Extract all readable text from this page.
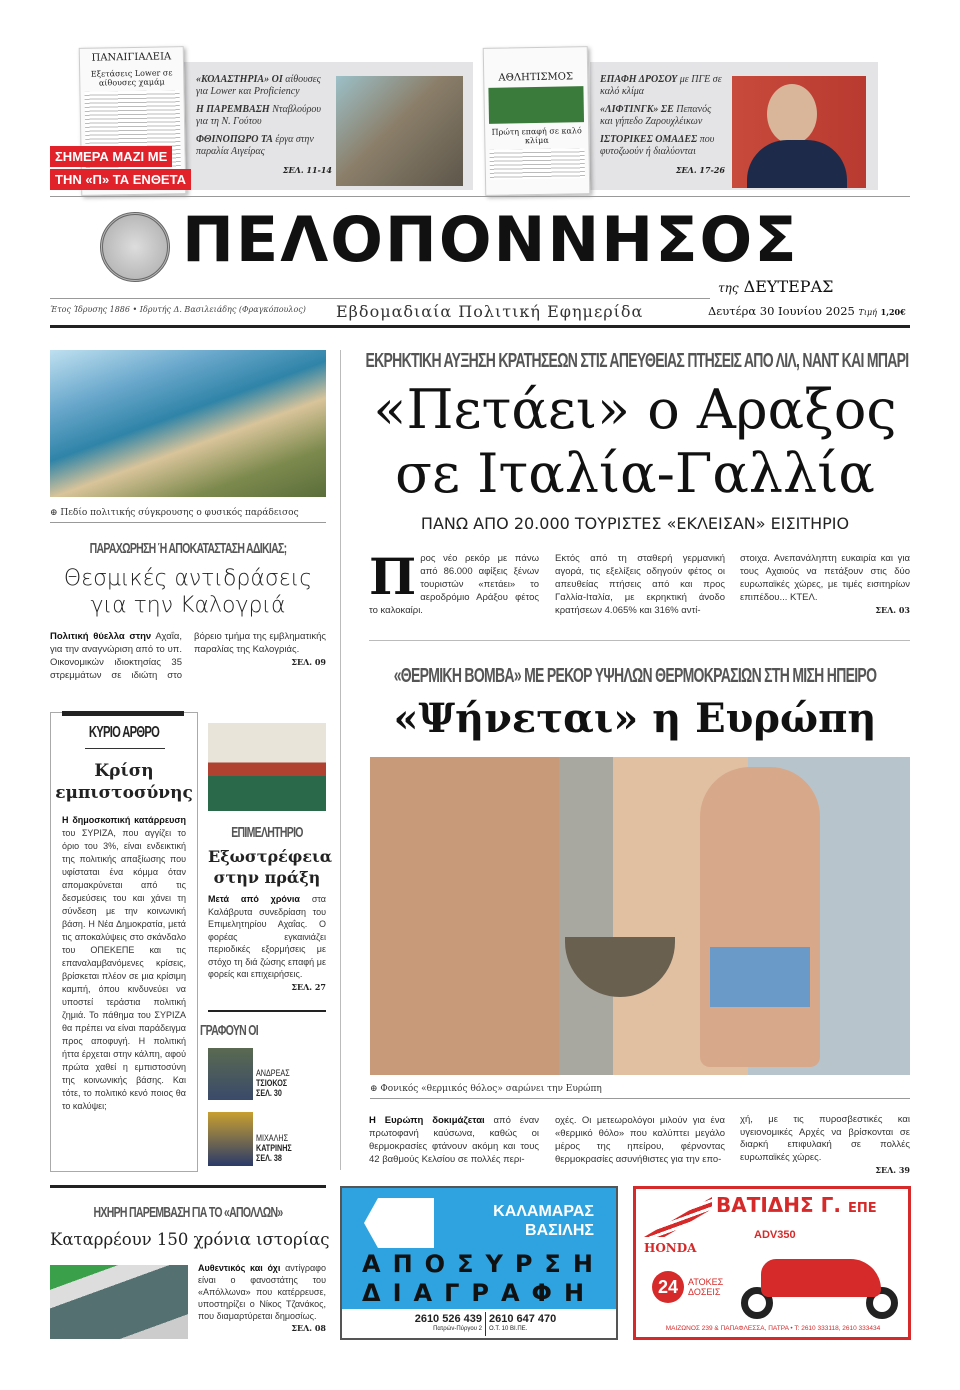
ΠΑΝΑΙΓΙΑΛΕΙΑ
Εξετάσεις Lower σε αίθουσες χαμάμ
ΣΗΜΕΡΑ ΜΑΖΙ ΜΕ
ΤΗΝ «Π» ΤΑ ΕΝΘΕΤΑ

«ΚΟΛΑΣΤΗΡΙΑ» ΟΙ αίθουσες για Lower και Proficiency

Η ΠΑΡΕΜΒΑΣΗ Νταβλούρου για τη Ν. Γούτου

ΦΘΙΝΟΠΩΡΟ ΤΑ έργα στην παραλία Αιγείρας

ΣΕΛ. 11-14
ΑΘΛΗΤΙΣΜΟΣ
Πρώτη επαφή σε καλό κλίμα

ΕΠΑΦΗ ΔΡΟΣΟΥ με ΠΓΕ σε καλό κλίμα

«ΛΙΦΤΙΝΓΚ» ΣΕ Πεπανός και γήπεδο Ζαρουχλέικων

ΙΣΤΟΡΙΚΕΣ ΟΜΑΔΕΣ που φυτοζωούν ή διαλύονται

ΣΕΛ. 17-26
ΠΕΛΟΠΟΝΝΗΣΟΣ
της ΔΕΥΤΕΡΑΣ
Έτος Ίδρυσης 1886 • Ιδρυτής Δ. Βασιλειάδης (Φραγκόπουλος) Εβδομαδιαία Πολιτική Εφημερίδα	Δευτέρα 30 Ιουνίου 2025 Τιμή 1,20€
⊕ Πεδίο πολιτικής σύγκρουσης ο φυσικός παράδεισος
ΠΑΡΑΧΩΡΗΣΗ Ή ΑΠΟΚΑΤΑΣΤΑΣΗ ΑΔΙΚΙΑΣ;
Θεσμικές αντιδράσεις για την Καλογριά
Πολιτική θύελλα στην Αχαΐα, για την αναγνώριση από το υπ. Οικονομικών ιδιοκτησίας 35 στρεμμάτων σε ιδιώτη στο βόρειο τμήμα της εμβληματικής παραλίας της Καλογριάς.
ΣΕΛ. 09
ΚΥΡΙΟ ΑΡΘΡΟ
Κρίση εμπιστοσύνης
Η δημοσκοπική κατάρρευση του ΣΥΡΙΖΑ, που αγγίζει το όριο του 3%, είναι ενδεικτική της πολιτικής απαξίωσης που υφίσταται ένα κόμμα όταν απομακρύνεται από τις δεσμεύσεις του και χάνει τη σύνδεση με την κοινωνική βάση. Η Νέα Δημοκρατία, μετά τις αποκαλύψεις στο σκάνδαλο του ΟΠΕΚΕΠΕ και τις επαναλαμβανόμενες κρίσεις, βρίσκεται πλέον σε μια κρίσιμη καμπή, όπου κινδυνεύει να υποστεί τεράστια πολιτική ζημιά. Το πάθημα του ΣΥΡΙΖΑ θα πρέπει να είναι παράδειγμα προς αποφυγή. Η πολιτική ήττα έρχεται στην κάλπη, αφού πρώτα χαθεί η εμπιστοσύνη της κοινωνικής βάσης. Και τότε, το πολιτικό κενό ποιος θα το καλύψει;
ΕΠΙΜΕΛΗΤΗΡΙΟ
Εξωστρέφεια στην πράξη
Μετά από χρόνια στα Καλάβρυτα συνεδρίαση του Επιμελητηρίου Αχαΐας. Ο φορέας εγκαινιάζει περιοδικές εξορμήσεις με στόχο τη διά ζώσης επαφή με φορείς και επιχειρήσεις.
ΣΕΛ. 27
ΓΡΑΦΟΥΝ ΟΙ
ΑΝΔΡΕΑΣ
ΤΣΙΟΚΟΣ
ΣΕΛ. 30
ΜΙΧΑΛΗΣ
ΚΑΤΡΙΝΗΣ
ΣΕΛ. 38
ΗΧΗΡΗ ΠΑΡΕΜΒΑΣΗ ΓΙΑ ΤΟ «ΑΠΟΛΛΩΝ»
Καταρρέουν 150 χρόνια ιστορίας
Αυθεντικός και όχι αντίγραφο είναι ο φανοστάτης του «Απόλλωνα» που κατέρρευσε, υποστηρίζει ο Νίκος Τζανάκος, που διαμαρτύρεται δημοσίως.
ΣΕΛ. 08
ΕΚΡΗΚΤΙΚΗ ΑΥΞΗΣΗ ΚΡΑΤΗΣΕΩΝ ΣΤΙΣ ΑΠΕΥΘΕΙΑΣ ΠΤΗΣΕΙΣ ΑΠΟ ΛΙΛ, ΝΑΝΤ ΚΑΙ ΜΠΑΡΙ
«Πετάει» ο Αραξος
σε Ιταλία-Γαλλία
ΠΑΝΩ ΑΠΟ 20.000 ΤΟΥΡΙΣΤΕΣ «ΕΚΛΕΙΣΑΝ» ΕΙΣΙΤΗΡΙΟ
Προς νέο ρεκόρ με πάνω από 86.000 αφίξεις ξένων τουριστών «πετάει» το αεροδρόμιο Αράξου φέτος το καλοκαίρι.
Εκτός από τη σταθερή γερμανική αγορά, τις εξελίξεις οδηγούν φέτος οι απευθείας πτήσεις από και προς Γαλλία-Ιταλία, με εκρηκτική άνοδο κρατήσεων 4.065% και 316% αντί-
στοιχα. Ανεπανάληπτη ευκαιρία και για τους Αχαιούς να πετάξουν στις δύο ευρωπαϊκές χώρες, με τιμές εισιτηρίων επιπέδου... ΚΤΕΛ.
ΣΕΛ. 03
«ΘΕΡΜΙΚΗ ΒΟΜΒΑ» ΜΕ ΡΕΚΟΡ ΥΨΗΛΩΝ ΘΕΡΜΟΚΡΑΣΙΩΝ ΣΤΗ ΜΙΣΗ ΗΠΕΙΡΟ
«Ψήνεται» η Ευρώπη
⊕ Φονικός «θερμικός θόλος» σαρώνει την Ευρώπη
Η Ευρώπη δοκιμάζεται από έναν πρωτοφανή καύσωνα, καθώς οι θερμοκρασίες φτάνουν ακόμη και τους 42 βαθμούς Κελσίου σε πολλές περι-
οχές. Οι μετεωρολόγοι μιλούν για ένα «θερμικό θόλο» που καλύπτει μεγάλο μέρος της ηπείρου, φέρνοντας θερμοκρασίες ασυνήθιστες για την επο-
χή, με τις πυροσβεστικές και υγειονομικές Αρχές να βρίσκονται σε διαρκή επιφυλακή σε πολλές ευρωπαϊκές χώρες.
ΣΕΛ. 39
ΚΑΛΑΜΑΡΑΣ
ΒΑΣΙΛΗΣ
ΑΠΟΣΥΡΣΗ
ΔΙΑΓΡΑΦΗ
2610 526 439
Πατρών-Πύργου 2
2610 647 470
Ο.Τ. 10 ΒΙ.ΠΕ.
HONDA
ΒΑΤΙΔΗΣ Γ. ΕΠΕ
ADV350
24	ΑΤΟΚΕΣ
ΔΟΣΕΙΣ
ΜΑΙΖΩΝΟΣ 239 & ΠΑΠΑΦΛΕΣΣΑ, ΠΑΤΡΑ • Τ: 2610 333118, 2610 333434
